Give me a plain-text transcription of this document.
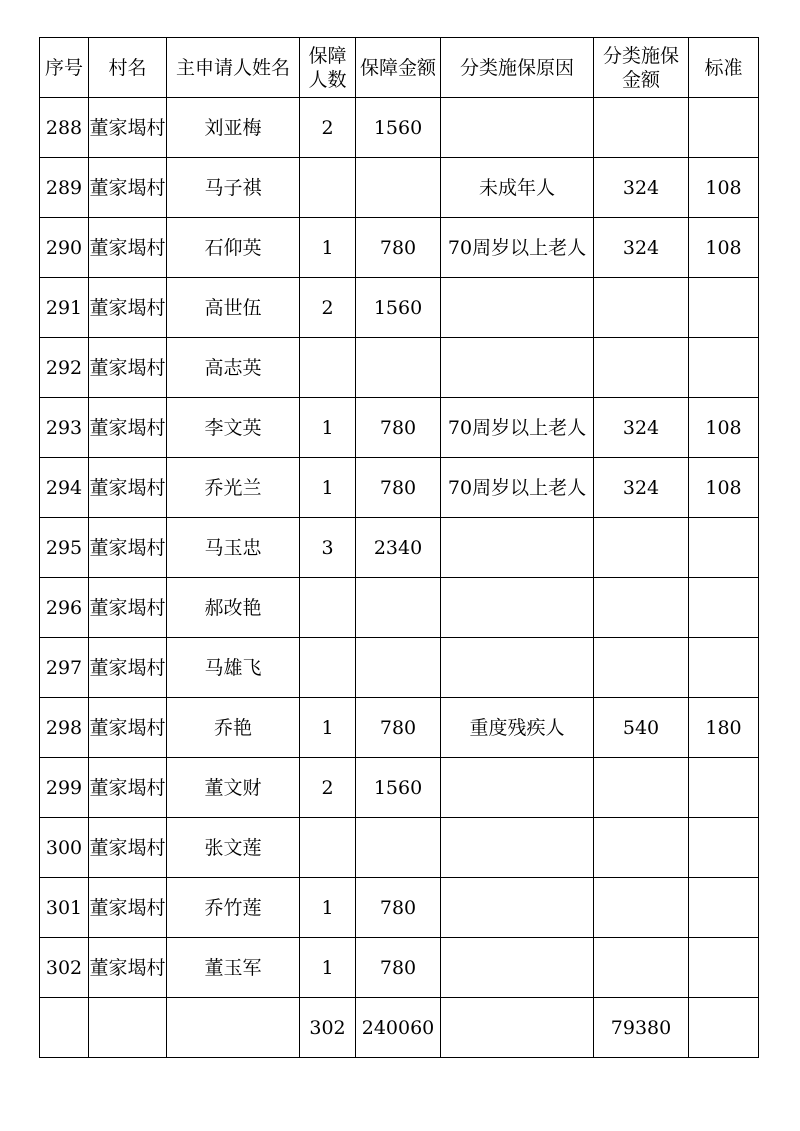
序号	村名	主申请人姓名	保障人数	保障金额	分类施保原因	分类施保金额	标准
288	董家堨村	刘亚梅	2	1560			
289	董家堨村	马子祺			未成年人	324	108
290	董家堨村	石仰英	1	780	70周岁以上老人	324	108
291	董家堨村	高世伍	2	1560			
292	董家堨村	高志英					
293	董家堨村	李文英	1	780	70周岁以上老人	324	108
294	董家堨村	乔光兰	1	780	70周岁以上老人	324	108
295	董家堨村	马玉忠	3	2340			
296	董家堨村	郝改艳					
297	董家堨村	马雄飞					
298	董家堨村	乔艳	1	780	重度残疾人	540	180
299	董家堨村	董文财	2	1560			
300	董家堨村	张文莲					
301	董家堨村	乔竹莲	1	780			
302	董家堨村	董玉军	1	780			
			302	240060		79380	
